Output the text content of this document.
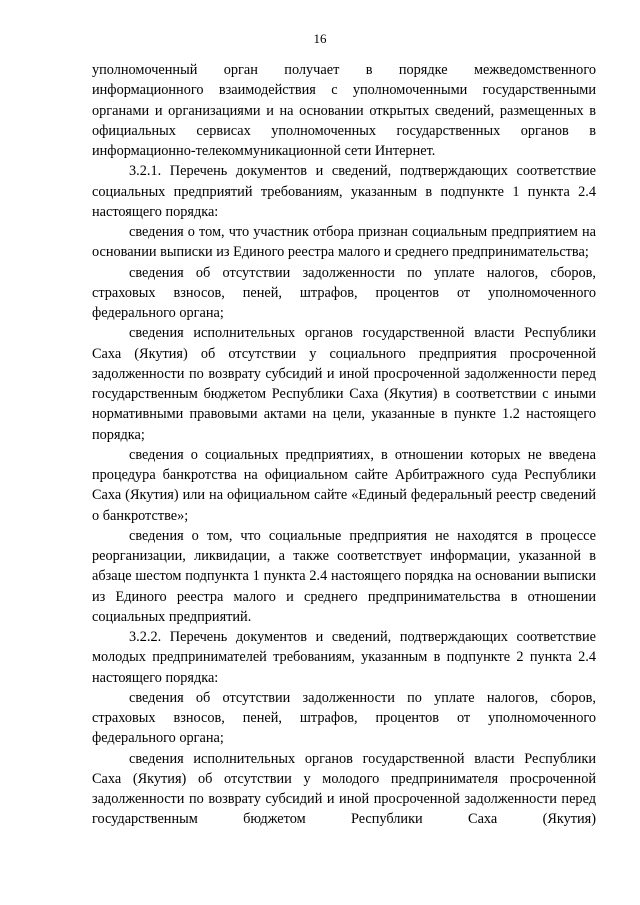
16

уполномоченный орган получает в порядке межведомственного информационного взаимодействия с уполномоченными государственными органами и организациями и на основании открытых сведений, размещенных в официальных сервисах уполномоченных государственных органов в информационно-телекоммуникационной сети Интернет.

3.2.1. Перечень документов и сведений, подтверждающих соответствие социальных предприятий требованиям, указанным в подпункте 1 пункта 2.4 настоящего порядка:

сведения о том, что участник отбора признан социальным предприятием на основании выписки из Единого реестра малого и среднего предпринимательства;

сведения об отсутствии задолженности по уплате налогов, сборов, страховых взносов, пеней, штрафов, процентов от уполномоченного федерального органа;

сведения исполнительных органов государственной власти Республики Саха (Якутия) об отсутствии у социального предприятия просроченной задолженности по возврату субсидий и иной просроченной задолженности перед государственным бюджетом Республики Саха (Якутия) в соответствии с иными нормативными правовыми актами на цели, указанные в пункте 1.2 настоящего порядка;

сведения о социальных предприятиях, в отношении которых не введена процедура банкротства на официальном сайте Арбитражного суда Республики Саха (Якутия) или на официальном сайте «Единый федеральный реестр сведений о банкротстве»;

сведения о том, что социальные предприятия не находятся в процессе реорганизации, ликвидации, а также соответствует информации, указанной в абзаце шестом подпункта 1 пункта 2.4 настоящего порядка на основании выписки из Единого реестра малого и среднего предпринимательства в отношении социальных предприятий.

3.2.2. Перечень документов и сведений, подтверждающих соответствие молодых предпринимателей требованиям, указанным в подпункте 2 пункта 2.4 настоящего порядка:

сведения об отсутствии задолженности по уплате налогов, сборов, страховых взносов, пеней, штрафов, процентов от уполномоченного федерального органа;

сведения исполнительных органов государственной власти Республики Саха (Якутия) об отсутствии у молодого предпринимателя просроченной задолженности по возврату субсидий и иной просроченной задолженности перед государственным бюджетом Республики Саха (Якутия)
